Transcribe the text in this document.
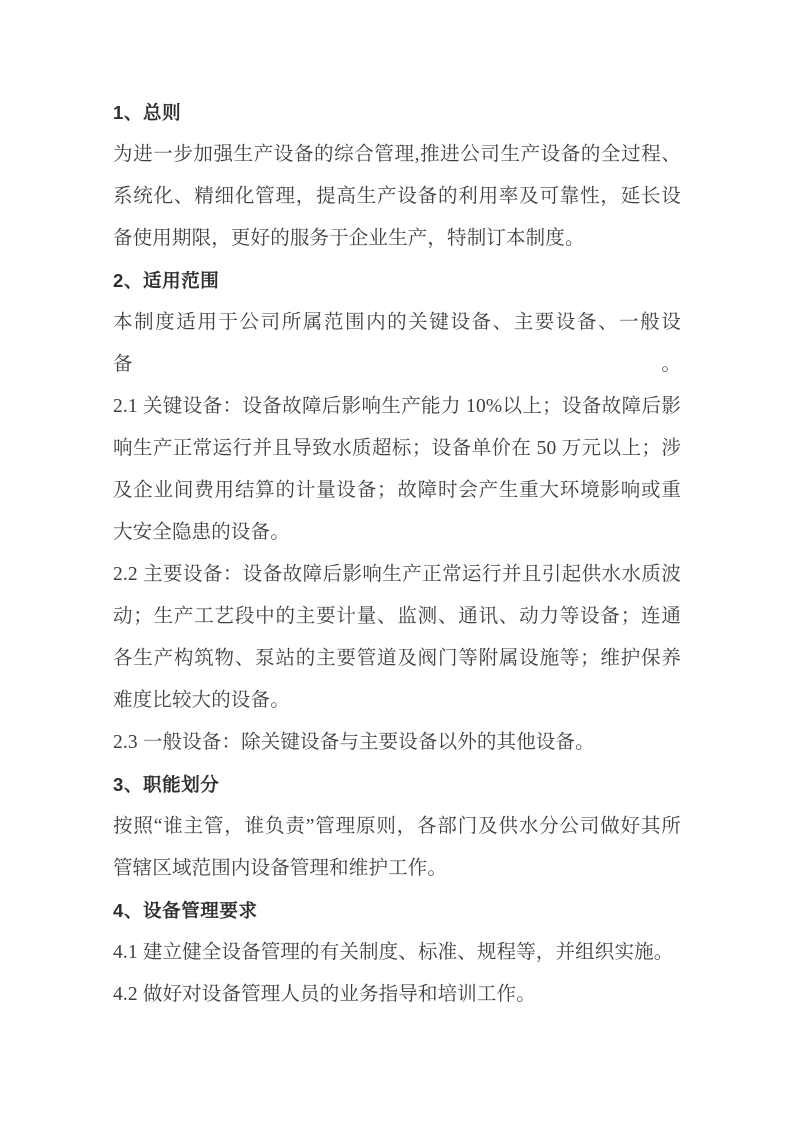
1、总则
为进一步加强生产设备的综合管理,推进公司生产设备的全过程、
系统化、精细化管理，提高生产设备的利用率及可靠性，延长设
备使用期限，更好的服务于企业生产，特制订本制度。
2、适用范围
本制度适用于公司所属范围内的关键设备、主要设备、一般设备。
2.1 关键设备：设备故障后影响生产能力 10%以上；设备故障后影
响生产正常运行并且导致水质超标；设备单价在 50 万元以上；涉
及企业间费用结算的计量设备；故障时会产生重大环境影响或重
大安全隐患的设备。
2.2 主要设备：设备故障后影响生产正常运行并且引起供水水质波
动；生产工艺段中的主要计量、监测、通讯、动力等设备；连通
各生产构筑物、泵站的主要管道及阀门等附属设施等；维护保养
难度比较大的设备。
2.3 一般设备：除关键设备与主要设备以外的其他设备。
3、职能划分
按照“谁主管，谁负责”管理原则，各部门及供水分公司做好其所
管辖区域范围内设备管理和维护工作。
4、设备管理要求
4.1 建立健全设备管理的有关制度、标准、规程等，并组织实施。
4.2 做好对设备管理人员的业务指导和培训工作。
